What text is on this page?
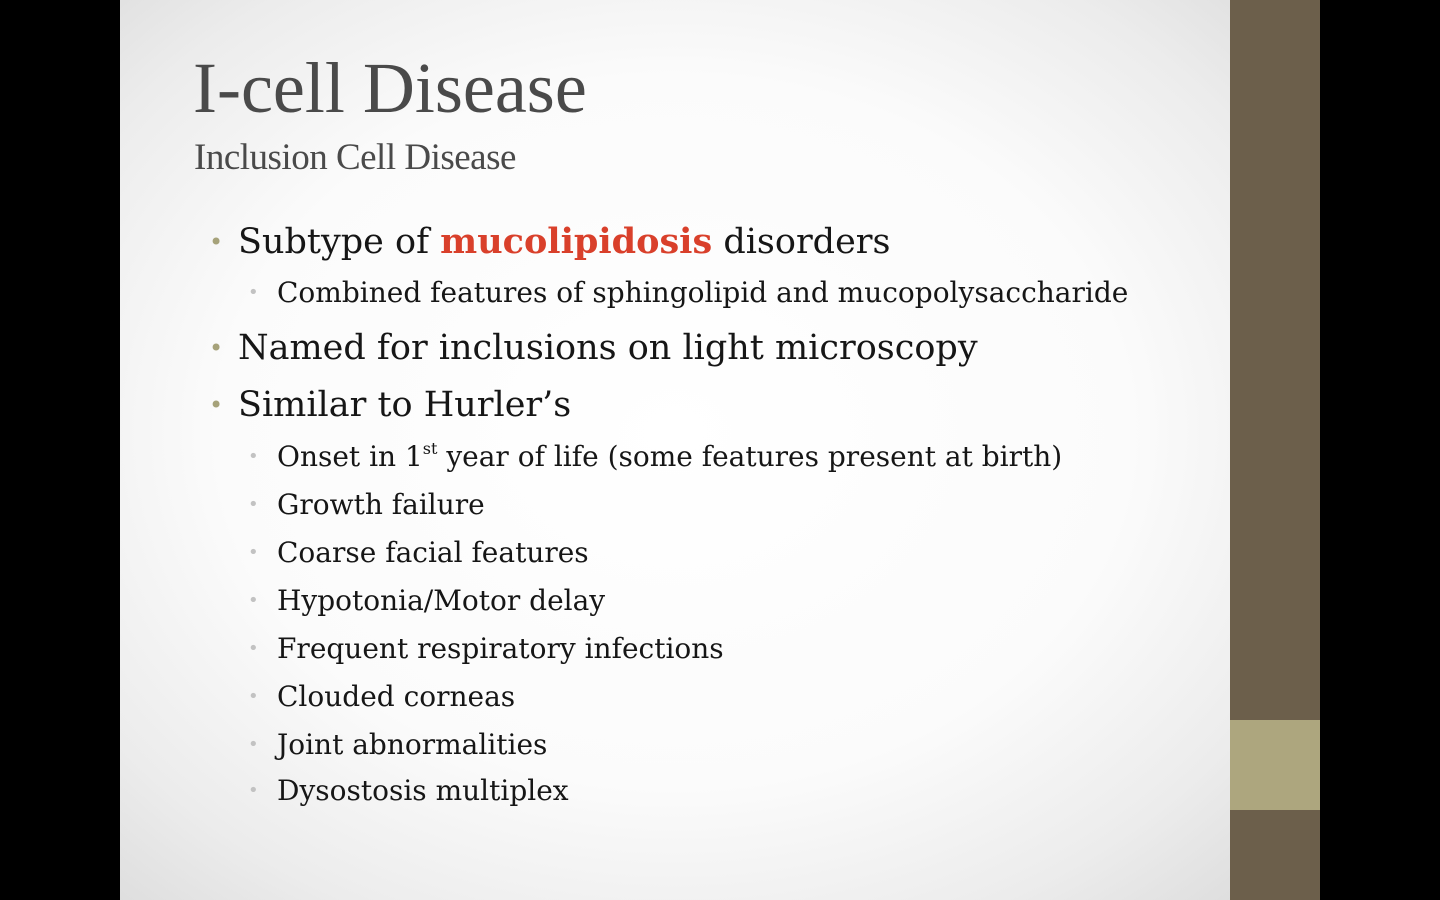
I-cell Disease
Inclusion Cell Disease
• Subtype of mucolipidosis disorders
• Combined features of sphingolipid and mucopolysaccharide
• Named for inclusions on light microscopy
• Similar to Hurler’s
• Onset in 1st year of life (some features present at birth)
• Growth failure
• Coarse facial features
• Hypotonia/Motor delay
• Frequent respiratory infections
• Clouded corneas
• Joint abnormalities
• Dysostosis multiplex
